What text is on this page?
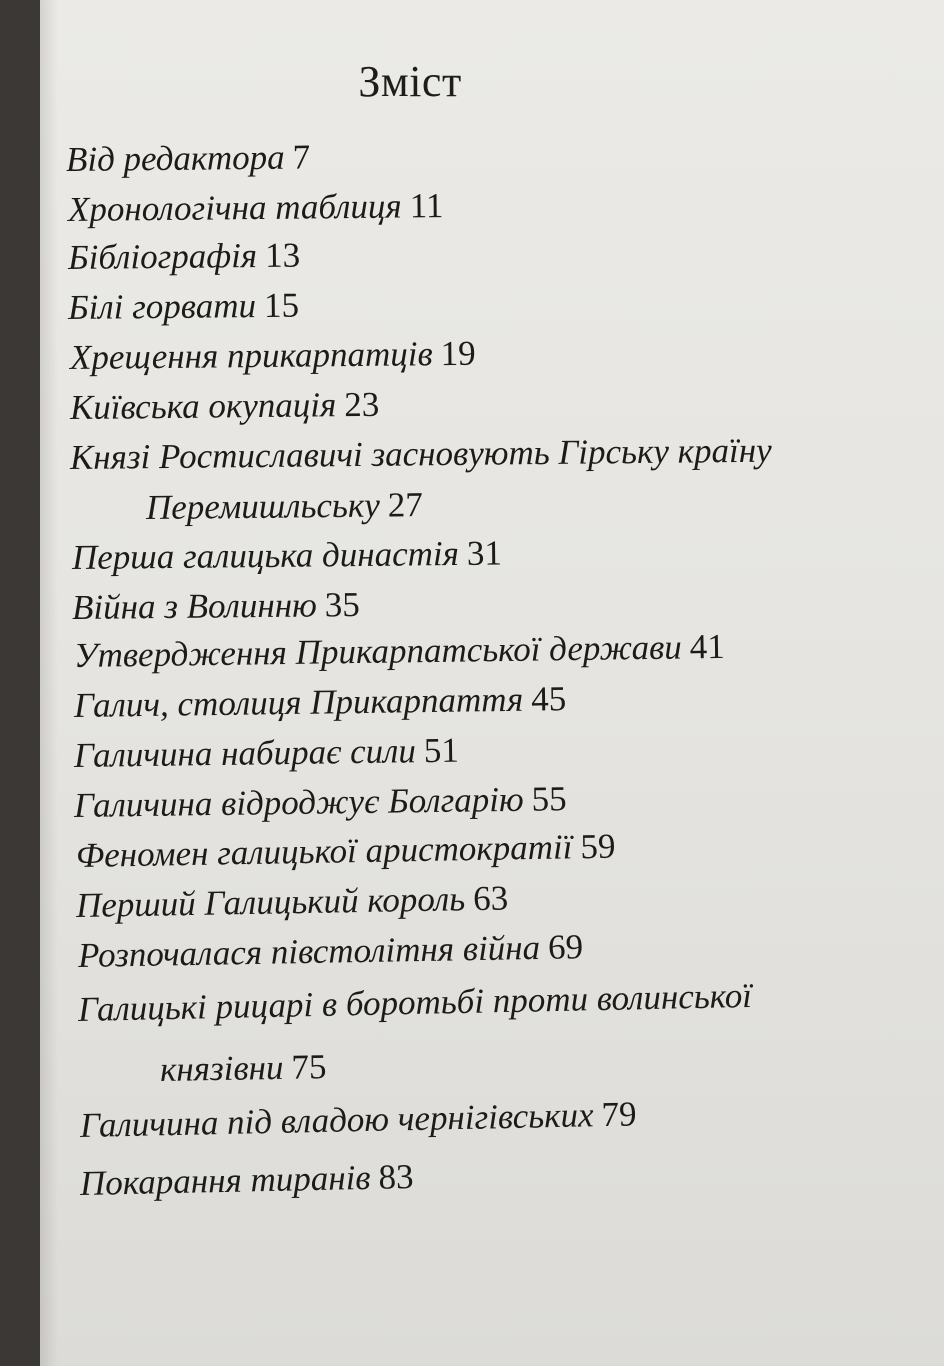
Зміст
Від редактора 7
Хронологічна таблиця 11
Бібліографія 13
Білі горвати 15
Хрещення прикарпатців 19
Київська окупація 23
Князі Ростиславичі засновують Гірську країну
Перемишльську 27
Перша галицька династія 31
Війна з Волинню 35
Утвердження Прикарпатської держави 41
Галич, столиця Прикарпаття 45
Галичина набирає сили 51
Галичина відроджує Болгарію 55
Феномен галицької аристократії 59
Перший Галицький король 63
Розпочалася півстолітня війна 69
Галицькі рицарі в боротьбі проти волинської
князівни 75
Галичина під владою чернігівських 79
Покарання тиранів 83
